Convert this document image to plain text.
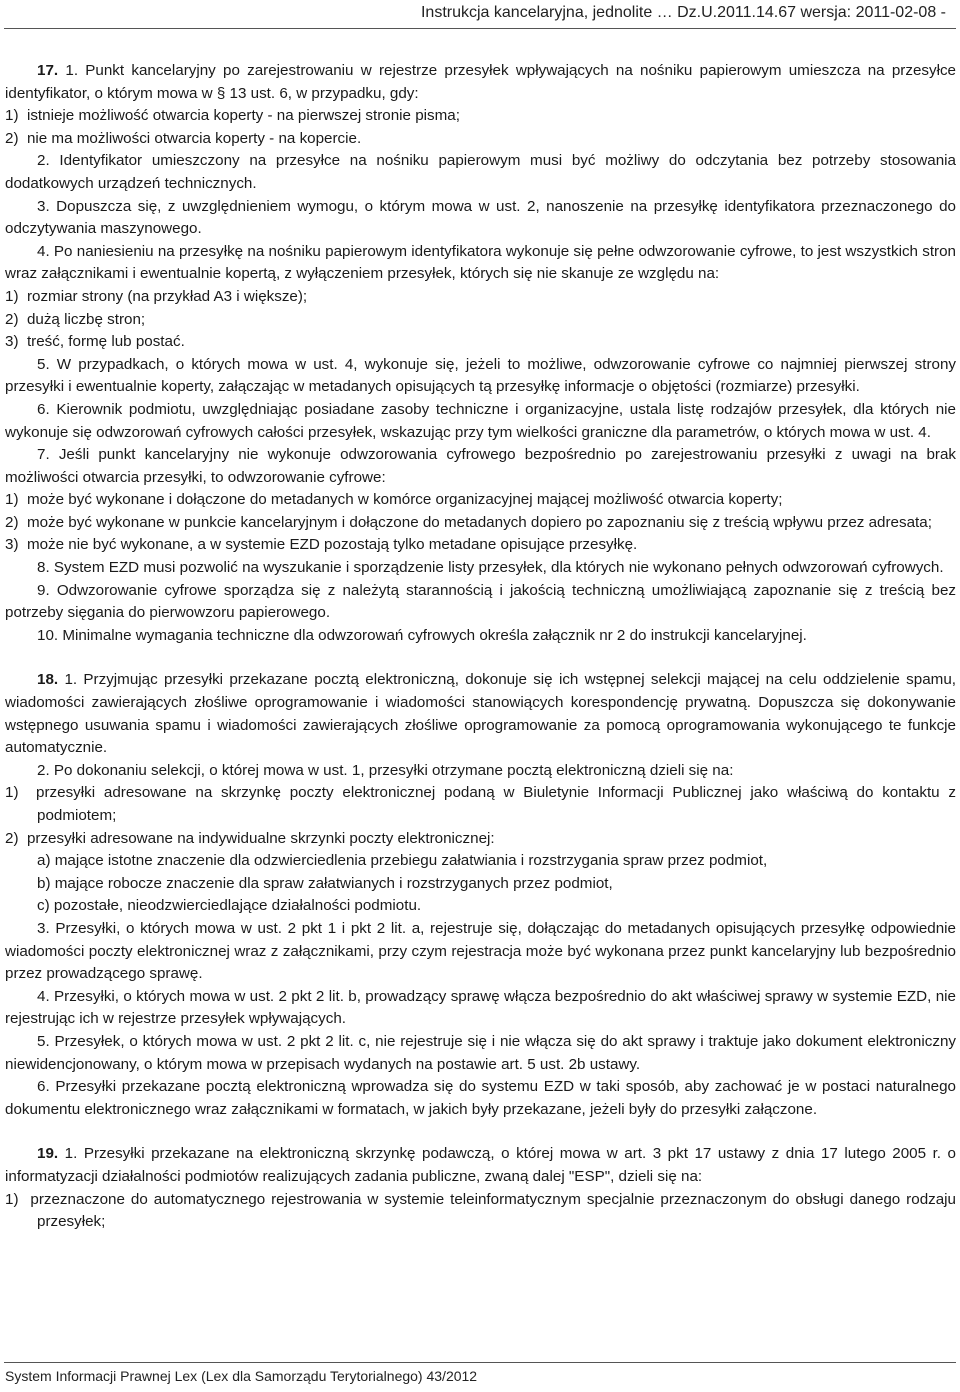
Instrukcja kancelaryjna, jednolite … Dz.U.2011.14.67 wersja: 2011-02-08 -

17. 1. Punkt kancelaryjny po zarejestrowaniu w rejestrze przesyłek wpływających na nośniku papierowym umieszcza na przesyłce identyfikator, o którym mowa w § 13 ust. 6, w przypadku, gdy:

1)  istnieje możliwość otwarcia koperty - na pierwszej stronie pisma;

2)  nie ma możliwości otwarcia koperty - na kopercie.

2. Identyfikator umieszczony na przesyłce na nośniku papierowym musi być możliwy do odczytania bez potrzeby stosowania dodatkowych urządzeń technicznych.

3. Dopuszcza się, z uwzględnieniem wymogu, o którym mowa w ust. 2, nanoszenie na przesyłkę identyfikatora przeznaczonego do odczytywania maszynowego.

4. Po naniesieniu na przesyłkę na nośniku papierowym identyfikatora wykonuje się pełne odwzorowanie cyfrowe, to jest wszystkich stron wraz załącznikami i ewentualnie kopertą, z wyłączeniem przesyłek, których się nie skanuje ze względu na:

1)  rozmiar strony (na przykład A3 i większe);

2)  dużą liczbę stron;

3)  treść, formę lub postać.

5. W przypadkach, o których mowa w ust. 4, wykonuje się, jeżeli to możliwe, odwzorowanie cyfrowe co najmniej pierwszej strony przesyłki i ewentualnie koperty, załączając w metadanych opisujących tą przesyłkę informacje o objętości (rozmiarze) przesyłki.

6. Kierownik podmiotu, uwzględniając posiadane zasoby techniczne i organizacyjne, ustala listę rodzajów przesyłek, dla których nie wykonuje się odwzorowań cyfrowych całości przesyłek, wskazując przy tym wielkości graniczne dla parametrów, o których mowa w ust. 4.

7. Jeśli punkt kancelaryjny nie wykonuje odwzorowania cyfrowego bezpośrednio po zarejestrowaniu przesyłki z uwagi na brak możliwości otwarcia przesyłki, to odwzorowanie cyfrowe:

1)  może być wykonane i dołączone do metadanych w komórce organizacyjnej mającej możliwość otwarcia koperty;

2)  może być wykonane w punkcie kancelaryjnym i dołączone do metadanych dopiero po zapoznaniu się z treścią wpływu przez adresata;

3)  może nie być wykonane, a w systemie EZD pozostają tylko metadane opisujące przesyłkę.

8. System EZD musi pozwolić na wyszukanie i sporządzenie listy przesyłek, dla których nie wykonano pełnych odwzorowań cyfrowych.

9. Odwzorowanie cyfrowe sporządza się z należytą starannością i jakością techniczną umożliwiającą zapoznanie się z treścią bez potrzeby sięgania do pierwowzoru papierowego.

10. Minimalne wymagania techniczne dla odwzorowań cyfrowych określa załącznik nr 2 do instrukcji kancelaryjnej.

18. 1. Przyjmując przesyłki przekazane pocztą elektroniczną, dokonuje się ich wstępnej selekcji mającej na celu oddzielenie spamu, wiadomości zawierających złośliwe oprogramowanie i wiadomości stanowiących korespondencję prywatną. Dopuszcza się dokonywanie wstępnego usuwania spamu i wiadomości zawierających złośliwe oprogramowanie za pomocą oprogramowania wykonującego te funkcje automatycznie.

2. Po dokonaniu selekcji, o której mowa w ust. 1, przesyłki otrzymane pocztą elektroniczną dzieli się na:

1)  przesyłki adresowane na skrzynkę poczty elektronicznej podaną w Biuletynie Informacji Publicznej jako właściwą do kontaktu z podmiotem;

2)  przesyłki adresowane na indywidualne skrzynki poczty elektronicznej:

a) mające istotne znaczenie dla odzwierciedlenia przebiegu załatwiania i rozstrzygania spraw przez podmiot,

b) mające robocze znaczenie dla spraw załatwianych i rozstrzyganych przez podmiot,

c) pozostałe, nieodzwierciedlające działalności podmiotu.

3. Przesyłki, o których mowa w ust. 2 pkt 1 i pkt 2 lit. a, rejestruje się, dołączając do metadanych opisujących przesyłkę odpowiednie wiadomości poczty elektronicznej wraz z załącznikami, przy czym rejestracja może być wykonana przez punkt kancelaryjny lub bezpośrednio przez prowadzącego sprawę.

4. Przesyłki, o których mowa w ust. 2 pkt 2 lit. b, prowadzący sprawę włącza bezpośrednio do akt właściwej sprawy w systemie EZD, nie rejestrując ich w rejestrze przesyłek wpływających.

5. Przesyłek, o których mowa w ust. 2 pkt 2 lit. c, nie rejestruje się i nie włącza się do akt sprawy i traktuje jako dokument elektroniczny niewidencjonowany, o którym mowa w przepisach wydanych na postawie art. 5 ust. 2b ustawy.

6. Przesyłki przekazane pocztą elektroniczną wprowadza się do systemu EZD w taki sposób, aby zachować je w postaci naturalnego dokumentu elektronicznego wraz załącznikami w formatach, w jakich były przekazane, jeżeli były do przesyłki załączone.

19. 1. Przesyłki przekazane na elektroniczną skrzynkę podawczą, o której mowa w art. 3 pkt 17 ustawy z dnia 17 lutego 2005 r. o informatyzacji działalności podmiotów realizujących zadania publiczne, zwaną dalej "ESP", dzieli się na:

1)  przeznaczone do automatycznego rejestrowania w systemie teleinformatycznym specjalnie przeznaczonym do obsługi danego rodzaju przesyłek;

System Informacji Prawnej Lex (Lex dla Samorządu Terytorialnego) 43/2012
